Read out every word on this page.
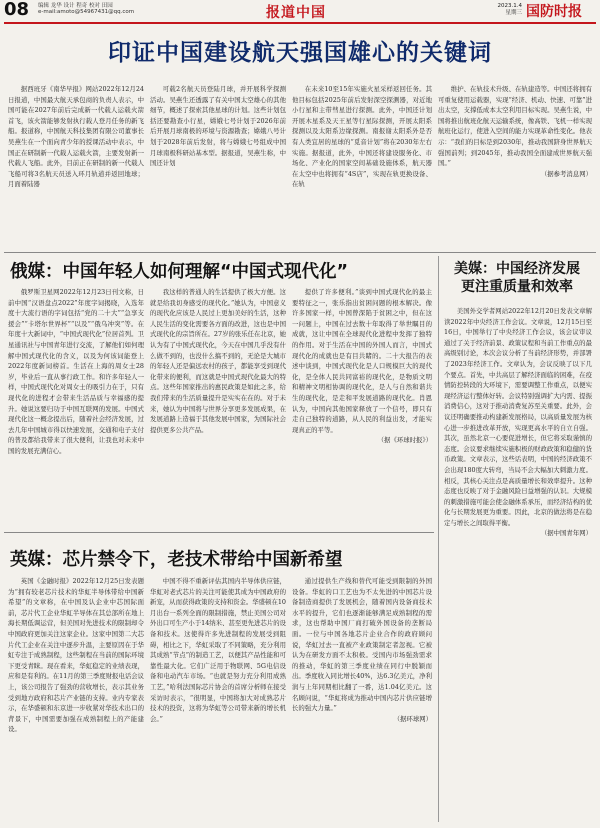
08 编辑 龙华 设计 程奇 校对 田园
e-mail:amoto@54967431@qq.com	报道中国	2023.1.4
星期三 国防时报
印证中国建设航天强国雄心的关键词

据西班牙《南华早报》网站2022年12月24日报道，中国最大航天承包商的负责人表示，中国可能在2027年前后完成新一代载人运载火箭首飞，该火箭能够发射执行载人登月任务的新飞船。报道称，中国航天科技集团有限公司董事长吴燕生在一个面向青少年的授课活动中表示，中国正在研制新一代载人运载火箭，主要发射新一代载人飞船。此外，目前正在研制的新一代载人飞船可将3名航天员送入环月轨道并返回地球；月面着陆器

可载2名航天员登陆月球，并开展科学探测活动。吴燕生还透露了有关中国太空雄心的其他细节，概述了探索其他星球的计划。这些计划包括还要勘查小行星，嫦娥七号计划于2026年前后开展月球南极的环境与资源勘查；嫦娥八号计划于2028年前后发射，将与嫦娥七号组成中国月球南极科研站基本型。据报道，吴燕生称，中国还计划

在未来10至15年实施火星采样返回任务。其他目标包括2025年前后发射深空探测器，对近地小行星和主带彗星进行探测。此外，中国还计划开展木星系及天王星等行星际探测，开展太阳系探测以及太阳系边缘探测。南报谢太阳系外是否有人类宜居的星球的“觅音计划”将在2030年左右实施。据报道，此外，中国还将建设服务化、市场化、产业化的国家空间基础设施体系，航天器在太空中也将拥有“4S店”，实现在轨更换设备、在轨

维护、在轨技术升级、在轨建造等。中国还将拥有可重复使用运载器，实现“经济、机动、快速、可靠”进出太空，支撑低成本太空利用目标实现。吴燕生说，中国将推出航班化航天运输系统，像高铁、飞机一样实现航班化运行，使进入空间的能力实现革命性变化。他表示：“我们的目标是到2030年，推动我国跻身世界航天强国前列；到2045年，推动我国全面建成世界航天强国。”

（据参考消息网）
俄媒：中国年轻人如何理解“中国式现代化”

俄罗斯卫星网2022年12月23日刊文称，日前中国“汉语盘点2022”年度字词揭晓，入选年度十大流行语的字词包括“党的二十大”“急享支援会”“卡塔尔世界杯”“以及”“俄乌冲突”等。在年度十大新词中，“中国式现代化”位居首列。卫星通讯社与中国青年进行交流，了解他们如何理解中国式现代化的含义，以及为何该词能登上2022年度新词榜首。生活在上海的周女士28岁，毕业后一直从事行政工作。和许多年轻人一样，中国式现代化对周女士的吸引力在于，只有现代化的进程才会带来生活品质与幸福感的提升。她说这要归功于中国互联网的发展。中国式现代化这一概念提出后，随着社会经济发展，过去几年中国城市得以快速发展，交通和电子支付的普及都给我带来了很大便利，让我也对未来中国的发展充满信心。

我这样的普通人的生活提供了极大方便。这就是给我切身感受的现代化。”她认为，中国意义的现代化应该是人民过上更加美好的生活，这种人民生活的变化需要各方面的改进，这也是中国式现代化的宗旨所在。27岁的张乐任在北京，她认为有了中国式现代化，今天在中国几乎没有什么做不到的，也没什么搞不到的，无论是大城市的年轻人还是偏远农村的孩子，都能享受到现代化带来的便利，而这就是中国式现代化最大的特点。这些年国家推出的惠民政策是如此之多，给我们带来的生活质量提升是实实在在的。对于未来，她认为中国将与世界分享更多发展成果，在发展道路上造福于其他发展中国家，为国际社会提供更多公共产品。

提供了许多便利。”谈到中国式现代化的最主要特征之一，张乐指出贫困问题的根本解决。像许多国家一样，中国曾深陷于贫困之中，但在这一问题上，中国在过去数十年取得了举世瞩目的成就，这让中国在全球现代化进程中发挥了独特的作用。对于生活在中国的外国人而言，中国式现代化的成就也是有目共睹的。二十大报告的表述中谈到，中国式现代化是人口规模巨大的现代化，是全体人民共同富裕的现代化，是物质文明和精神文明相协调的现代化，是人与自然和谐共生的现代化，是走和平发展道路的现代化。肖恩认为，中国向其他国家释放了一个信号，即只有走自己独特的道路，从人民的利益出发，才能实现真正的平等。

（据《环球时报》）
美媒：中国经济发展
更注重质量和效率

美国外交学者网站2022年12月20日发表文章解读2022年中央经济工作会议。文章说，12月15日至16日，中国举行了中央经济工作会议，该会议审议通过了关于经济前景、政策议程和当前工作重点的最高级别讨论，本次会议分析了当前经济形势，并部署了2023年经济工作。文章认为，会议反映了以下几个要点。首先，中共高层了解经济面临的困难，在疫情防控转段的大环境下，需要调整工作重点，以便实现经济运行整体好转。会议特别强调扩大内需、提振消费信心，这对于推动消费复苏至关重要。此外，会议还明确要推动构建新发展格局，以高质量发展为核心进一步推进改革开放，实现更高水平的自立自强。其次，虽然北京一心要促进增长，但它将采取谨慎的态度。会议要求继续实施积极的财政政策和稳健的货币政策。文章表示，这些话表明，中国的经济政策不会出现180度大转弯，当局不会大幅加大刺激力度。相反，其核心关注点是高质量增长和效率提升。这种态度也反映了对于金融风险日益增强的认识。大规模的刺激措施可能会使金融体系承压，而经济结构的优化与长期发展更为重要。因此，北京的做法将是在稳定与增长之间取得平衡。

（据中国青年网）
英媒：芯片禁令下，老技术带给中国新希望

英国《金融时报》2022年12月25日发表题为“拥有较老芯片技术的华虹半导体带给中国新希望”的文章称，在中国及认企业中芯国际面前，芯片代工企业华虹半导体在其总部所在地上海长期低调运营，但美国对先进技术的限制却令中国政府更加关注这家企业。这家中国第二大芯片代工企业在关注中逐步升温，主要原因在于华虹专注于成熟制程，这些制程在当前的国际环境下更受青睐。现在看来，华虹稳定的业绩表现，应和是有利的。在11月的第三季度财报电话会议上，该公司报告了强劲的营收增长，表示其业务受到地方政府和芯片产业链的支持。业内专家表示，在华盛顿和东京进一步收紧对华技术出口的背景下，中国需要加强在成熟制程上的产能建设。

中国不得不重新评估其国内半导体供应链，华虹对老式芯片的关注可能使其成为中国政府的新宠，从而获得政策的支持和资金。华盛顿在10月出台一系列全面的限制措施，禁止美国公司对外出口可生产小于14纳米、甚至更先进芯片的设备和技术。这使得许多先进制程的发展受到阻碍，相比之下，华虹采取了不同策略，充分利用其成熟“节点”的制造工艺，以便其产品性能和可靠性最大化。它们广泛用于物联网、5G电信设备和电动汽车市场。“也就是努力充分利用成熟工艺，”哈利法国际芯片协会的首席分析师在接受采访时表示，“很明显，中国将加大对成熟芯片技术的投资，这将为华虹等公司带来新的增长机会。”

通过提供生产线和替代可能受到限制的外国设备。华虹的口工艺也为不太先进的中国芯片设备制造商提供了发展机会，随着国内设备商技术水平的提升，它们也逐渐能够满足成熟制程的需求，这也帮助中国厂商打破外国设备的垄断局面。一位与中国各地芯片企业合作的政府顾问说，华虹过去一直被产业政策制定者忽视。它被认为在研发方面不太积极。受国内市场强劲需求的推动，华虹的第三季度业绩在同行中脱颖而出。季度收入同比增长40%，达6.3亿美元，净利润与上年同期相比翻了一番，达1.04亿美元。这名顾问说，“华虹将成为推动中国内芯片供应链增长的强大力量。”

（据环球网）
